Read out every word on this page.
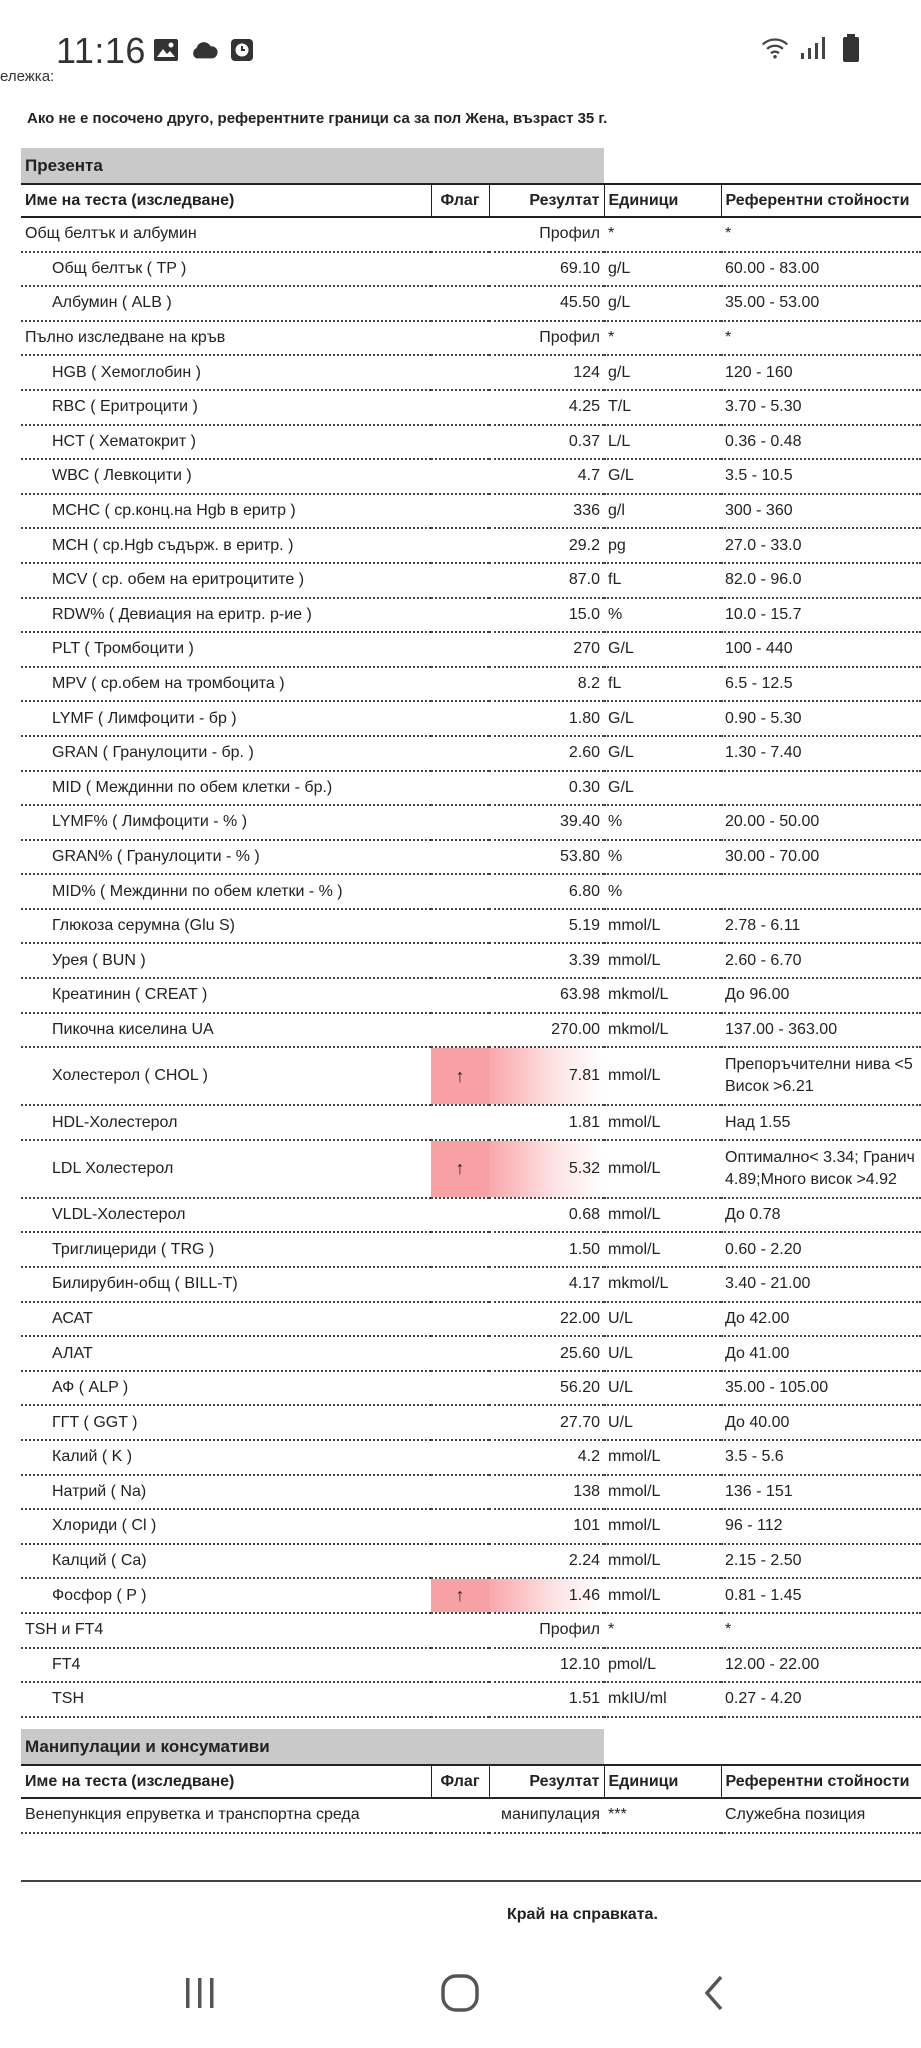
11:16
ележка:
Ако не е посочено друго, референтните граници са за пол Жена, възраст 35 г.
Презента
Име на теста (изследване)	Флаг	Резултат	Единици	Референтни стойности
Общ белтък и албумин		Профил	*	*
Общ белтък ( TP )		69.10	g/L	60.00 - 83.00
Албумин ( ALB )		45.50	g/L	35.00 - 53.00
Пълно изследване на кръв		Профил	*	*
HGB ( Хемоглобин )		124	g/L	120 - 160
RBC ( Еритроцити )		4.25	T/L	3.70 - 5.30
HCT ( Хематокрит )		0.37	L/L	0.36 - 0.48
WBC ( Левкоцити )		4.7	G/L	3.5 - 10.5
MCHC ( ср.конц.на Hgb в еритр )		336	g/l	300 - 360
MCH ( ср.Hgb съдърж. в еритр. )		29.2	pg	27.0 - 33.0
MCV ( ср. обем на еритроцитите )		87.0	fL	82.0 - 96.0
RDW% ( Девиация на еритр. р-ие )		15.0	%	10.0 - 15.7
PLT ( Тромбоцити )		270	G/L	100 - 440
MPV ( ср.обем на тромбоцита )		8.2	fL	6.5 - 12.5
LYMF ( Лимфоцити - бр )		1.80	G/L	0.90 - 5.30
GRAN ( Гранулоцити - бр. )		2.60	G/L	1.30 - 7.40
MID ( Междинни по обем клетки - бр.)		0.30	G/L	
LYMF% ( Лимфоцити - % )		39.40	%	20.00 - 50.00
GRAN% ( Гранулоцити - % )		53.80	%	30.00 - 70.00
MID% ( Междинни по обем клетки - % )		6.80	%	
Глюкоза серумна (Glu S)		5.19	mmol/L	2.78 - 6.11
Урея ( BUN )		3.39	mmol/L	2.60 - 6.70
Креатинин ( CREAT )		63.98	mkmol/L	До 96.00
Пикочна киселина UA		270.00	mkmol/L	137.00 - 363.00
Холестерол ( CHOL )	↑	7.81	mmol/L	Препоръчителни нива <5 Висок >6.21
HDL-Холестерол		1.81	mmol/L	Над 1.55
LDL Холестерол	↑	5.32	mmol/L	Оптимално< 3.34; Гранич 4.89;Много висок >4.92
VLDL-Холестерол		0.68	mmol/L	До 0.78
Триглицериди ( TRG )		1.50	mmol/L	0.60 - 2.20
Билирубин-общ ( BILL-T)		4.17	mkmol/L	3.40 - 21.00
АСАТ		22.00	U/L	До 42.00
АЛАТ		25.60	U/L	До 41.00
АФ ( ALP )		56.20	U/L	35.00 - 105.00
ГГТ ( GGT )		27.70	U/L	До 40.00
Калий ( K )		4.2	mmol/L	3.5 - 5.6
Натрий ( Na)		138	mmol/L	136 - 151
Хлориди ( Cl )		101	mmol/L	96 - 112
Калций ( Ca)		2.24	mmol/L	2.15 - 2.50
Фосфор ( P )	↑	1.46	mmol/L	0.81 - 1.45
TSH и FT4		Профил	*	*
FT4		12.10	pmol/L	12.00 - 22.00
TSH		1.51	mkIU/ml	0.27 - 4.20
Манипулации и консумативи
Име на теста (изследване)	Флаг	Резултат	Единици	Референтни стойности
Венепункция епруветка и транспортна среда		манипулация	***	Служебна позиция
Край на справката.
